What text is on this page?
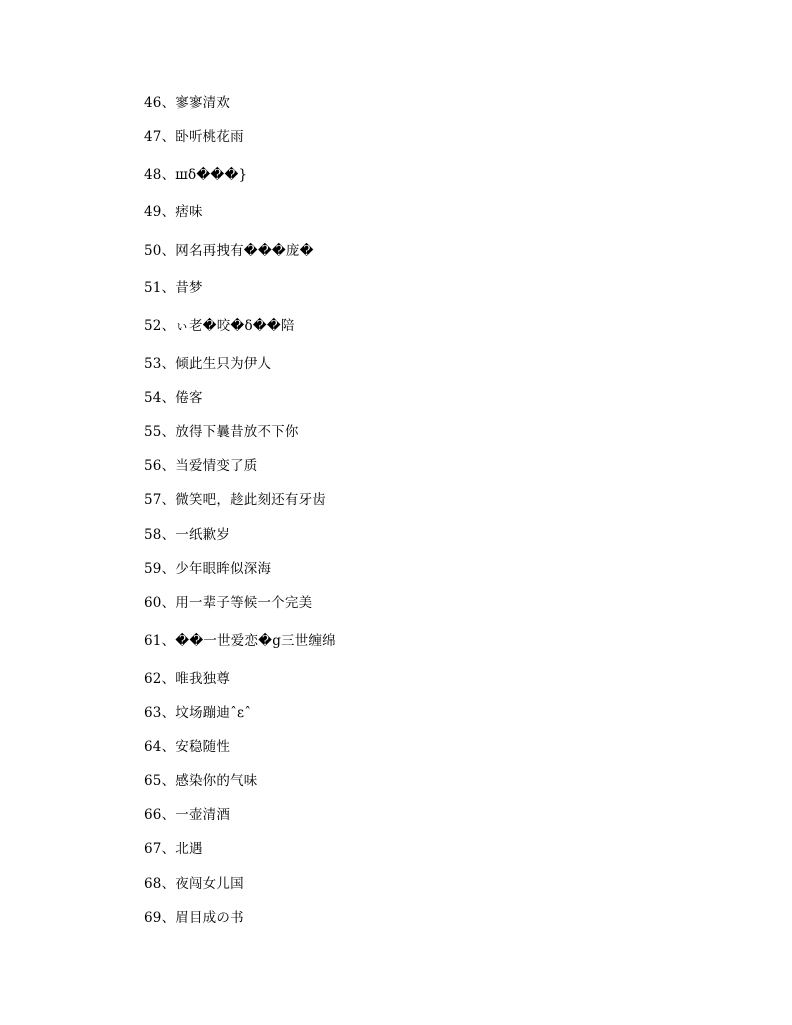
46、寥寥清欢
47、卧听桃花雨
48、шδ���}
49、痞味
50、网名再拽有���庞�
51、昔梦
52、ぃ老�咬�δ��陪
53、倾此生只为伊人
54、倦客
55、放得下曩昔放不下你
56、当爱情变了质
57、微笑吧，趁此刻还有牙齿
58、一纸歉岁
59、少年眼眸似深海
60、用一辈子等候一个完美
61、��一世爱恋�g三世缠绵
62、唯我独尊
63、坟场蹦迪ˆεˆ
64、安稳随性
65、感染你的气味
66、一壶清酒
67、北遇
68、夜闯女儿国
69、眉目成の书
